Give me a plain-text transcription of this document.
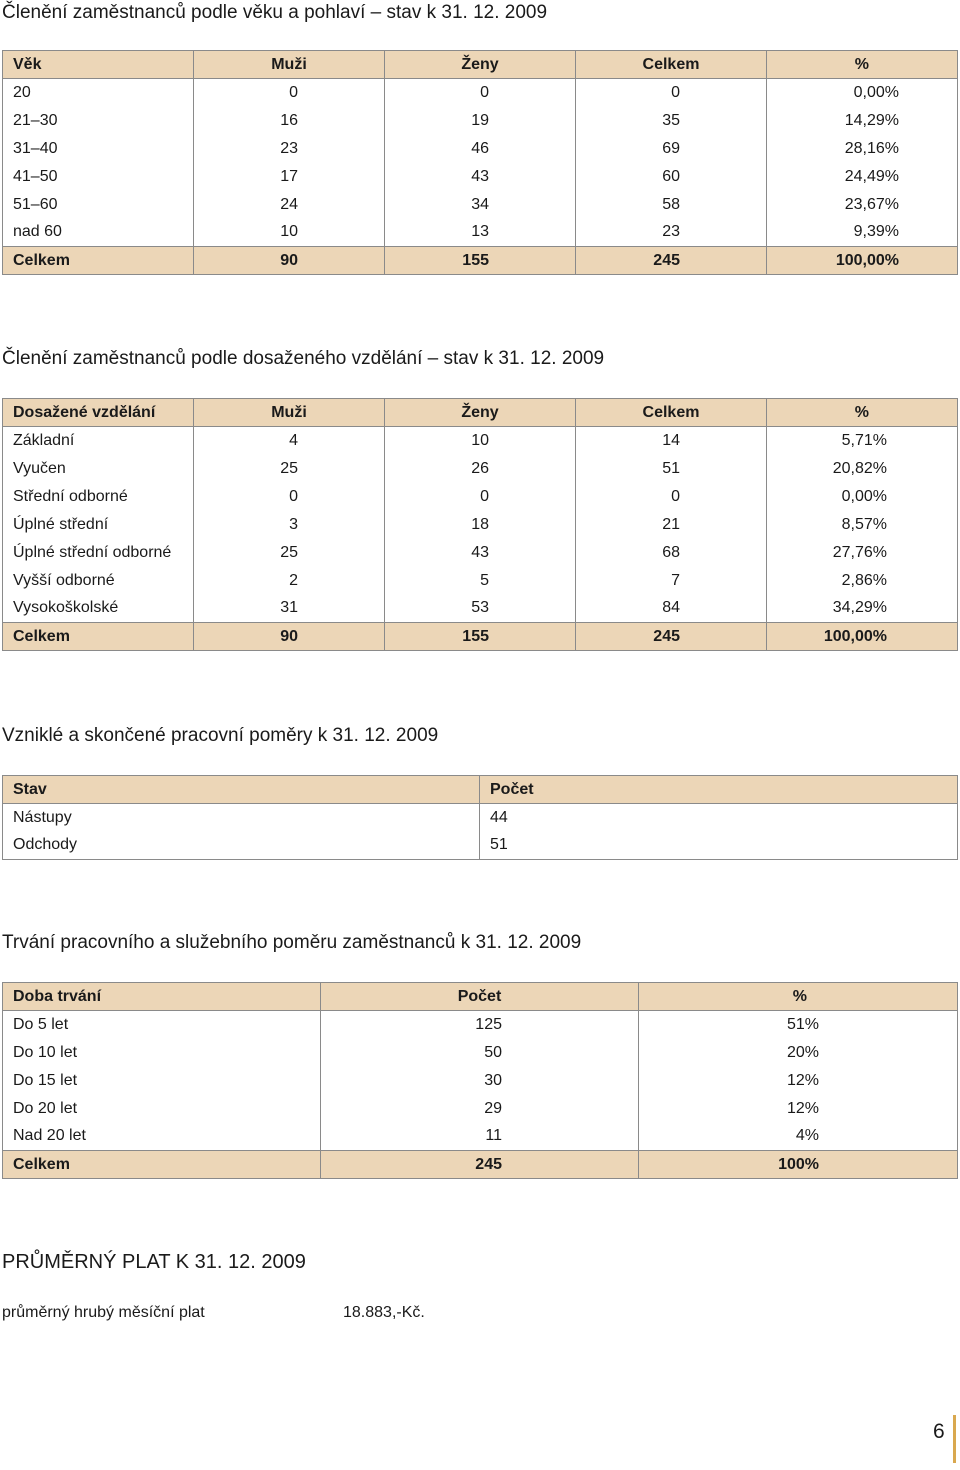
Členění zaměstnanců podle věku a pohlaví – stav k 31. 12. 2009
Věk	Muži	Ženy	Celkem	%
20	0	0	0	0,00%
21–30	16	19	35	14,29%
31–40	23	46	69	28,16%
41–50	17	43	60	24,49%
51–60	24	34	58	23,67%
nad 60	10	13	23	9,39%
Celkem	90	155	245	100,00%
Členění zaměstnanců podle dosaženého vzdělání – stav k 31. 12. 2009
Dosažené vzdělání	Muži	Ženy	Celkem	%
Základní	4	10	14	5,71%
Vyučen	25	26	51	20,82%
Střední odborné	0	0	0	0,00%
Úplné střední	3	18	21	8,57%
Úplné střední odborné	25	43	68	27,76%
Vyšší odborné	2	5	7	2,86%
Vysokoškolské	31	53	84	34,29%
Celkem	90	155	245	100,00%
Vzniklé a skončené pracovní poměry k 31. 12. 2009
Stav	Počet
Nástupy	44
Odchody	51
Trvání pracovního a služebního poměru zaměstnanců k 31. 12. 2009
Doba trvání	Počet	%
Do 5 let	125	51%
Do 10 let	50	20%
Do 15 let	30	12%
Do 20 let	29	12%
Nad 20 let	11	4%
Celkem	245	100%
PRŮMĚRNÝ PLAT K 31. 12. 2009
průměrný hrubý měsíční plat	18.883,-Kč.
6
